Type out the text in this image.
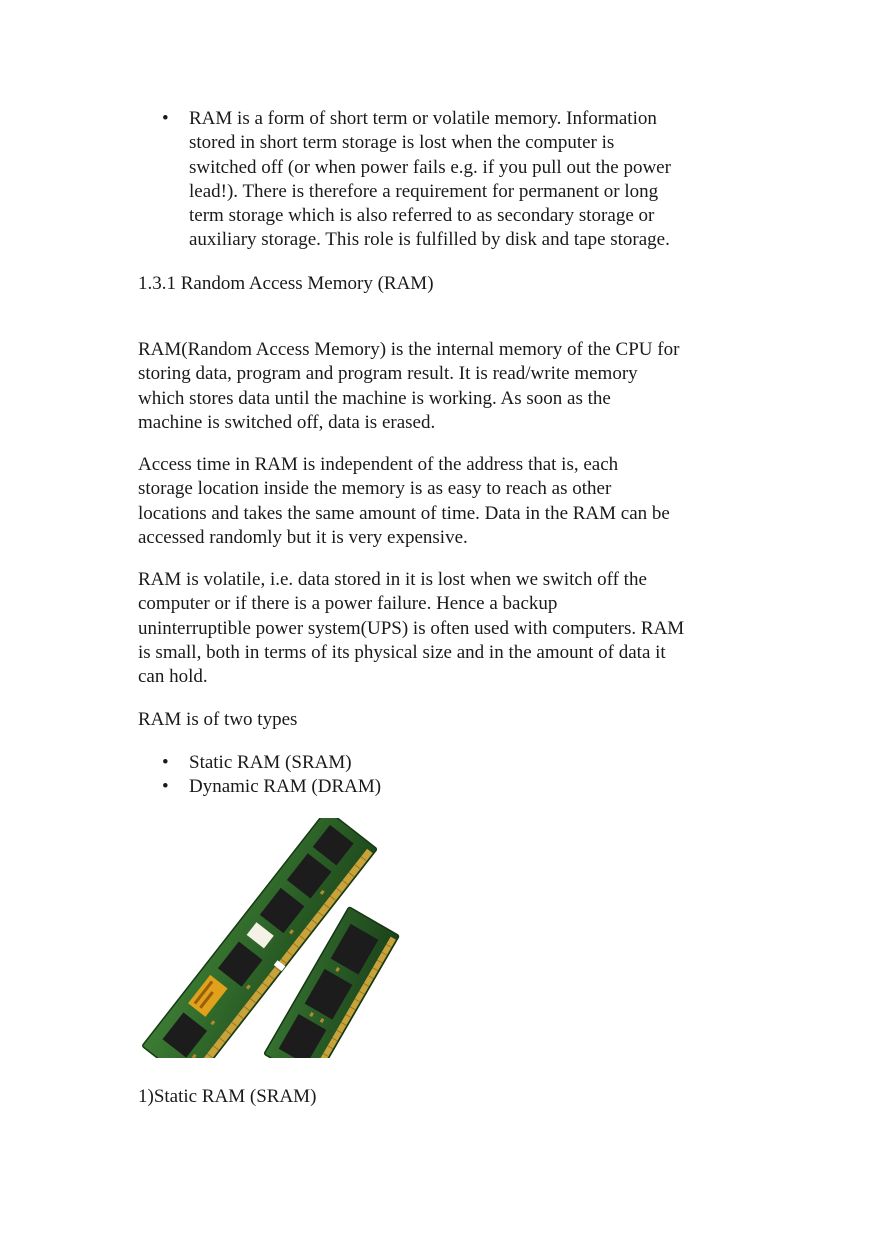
• RAM is a form of short term or volatile memory. Information
stored in short term storage is lost when the computer is
switched off (or when power fails e.g. if you pull out the power
lead!). There is therefore a requirement for permanent or long
term storage which is also referred to as secondary storage or
auxiliary storage. This role is fulfilled by disk and tape storage.
1.3.1 Random Access Memory (RAM)
RAM(Random Access Memory) is the internal memory of the CPU for
storing data, program and program result. It is read/write memory
which stores data until the machine is working. As soon as the
machine is switched off, data is erased.
Access time in RAM is independent of the address that is, each
storage location inside the memory is as easy to reach as other
locations and takes the same amount of time. Data in the RAM can be
accessed randomly but it is very expensive.
RAM is volatile, i.e. data stored in it is lost when we switch off the
computer or if there is a power failure. Hence a backup
uninterruptible power system(UPS) is often used with computers. RAM
is small, both in terms of its physical size and in the amount of data it
can hold.
RAM is of two types
• Static RAM (SRAM)
• Dynamic RAM (DRAM)
1)Static RAM (SRAM)
